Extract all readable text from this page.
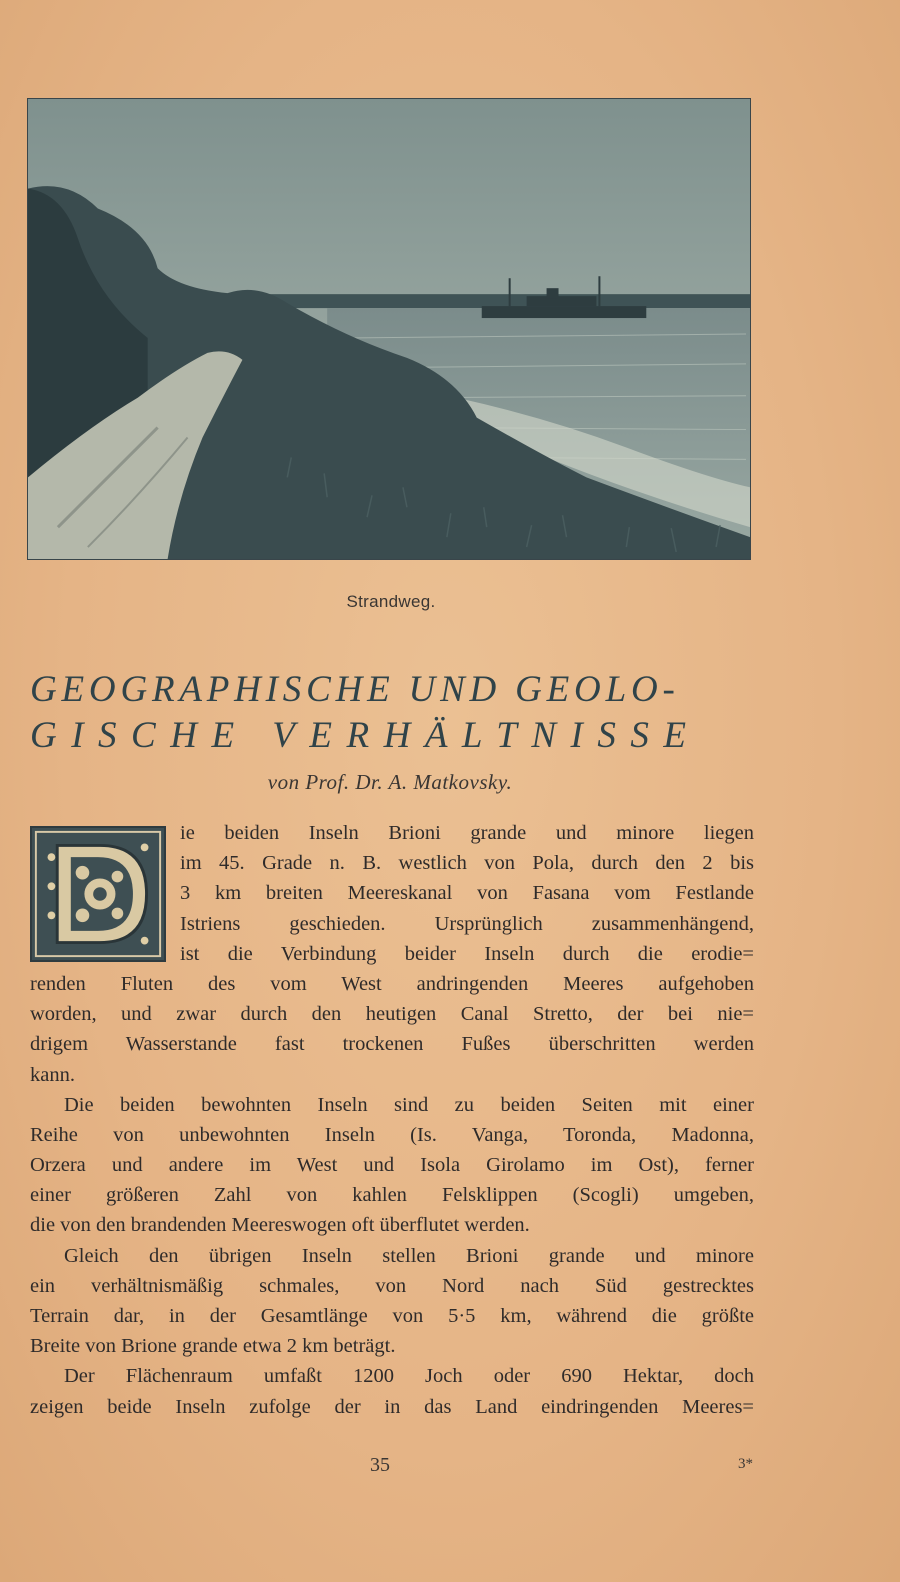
Strandweg.
GEOGRAPHISCHE UND GEOLO-
GISCHE VERHÄLTNISSE
von Prof. Dr. A. Matkovsky.
D	ie beiden Inseln Brioni grande und minore liegen
im 45. Grade n. B. westlich von Pola, durch den 2 bis
3 km breiten Meereskanal von Fasana vom Festlande
Istriens geschieden. Ursprünglich zusammenhängend,
ist die Verbindung beider Inseln durch die erodie=
renden Fluten des vom West andringenden Meeres aufgehoben
worden, und zwar durch den heutigen Canal Stretto, der bei nie=
drigem Wasserstande fast trockenen Fußes überschritten werden
kann.
Die beiden bewohnten Inseln sind zu beiden Seiten mit einer
Reihe von unbewohnten Inseln (Is. Vanga, Toronda, Madonna,
Orzera und andere im West und Isola Girolamo im Ost), ferner
einer größeren Zahl von kahlen Felsklippen (Scogli) umgeben,
die von den brandenden Meereswogen oft überflutet werden.
Gleich den übrigen Inseln stellen Brioni grande und minore
ein verhältnismäßig schmales, von Nord nach Süd gestrecktes
Terrain dar, in der Gesamtlänge von 5·5 km, während die größte
Breite von Brione grande etwa 2 km beträgt.
Der Flächenraum umfaßt 1200 Joch oder 690 Hektar, doch
zeigen beide Inseln zufolge der in das Land eindringenden Meeres=
35	3*
